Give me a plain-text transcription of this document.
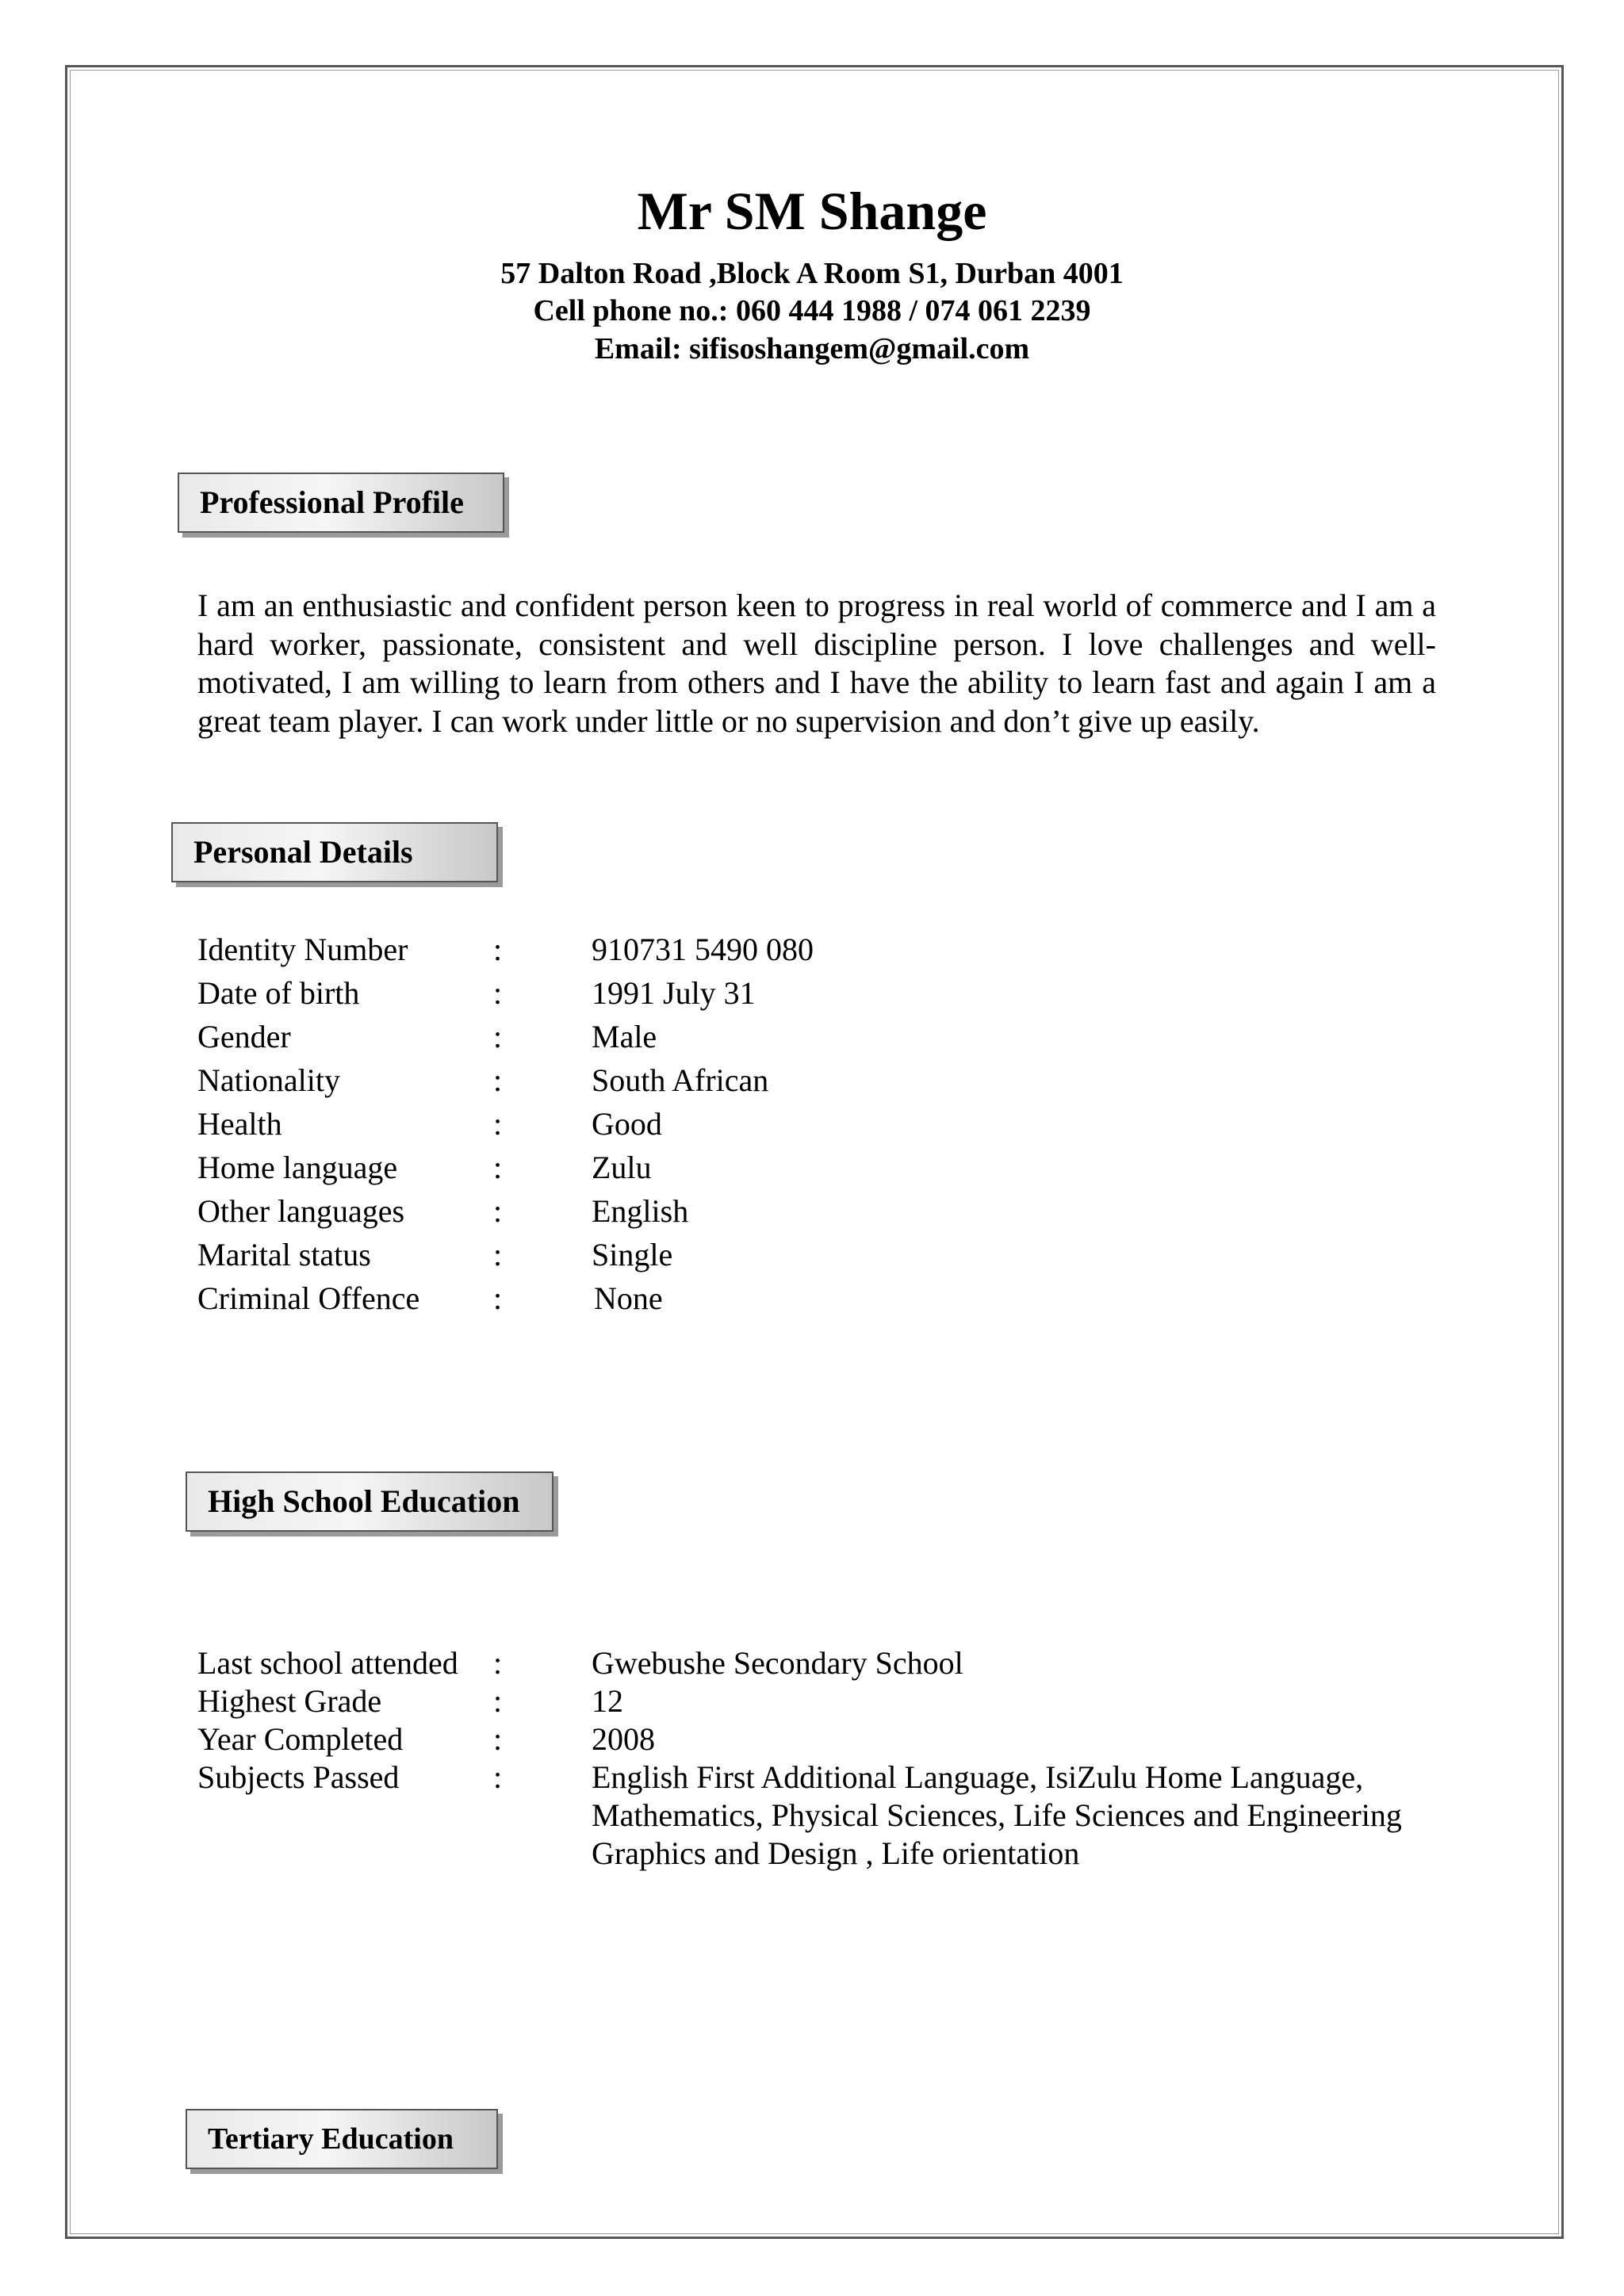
Mr SM Shange
57 Dalton Road ,Block A Room S1, Durban 4001
Cell phone no.: 060 444 1988 / 074 061 2239
Email: sifisoshangem@gmail.com
Professional Profile
I am an enthusiastic and confident person keen to progress in real world of commerce and I am a hard worker, passionate, consistent and well discipline person. I love challenges and well-motivated, I am willing to learn from others and I have the ability to learn fast and again I am a great team player. I can work under little or no supervision and don’t give up easily.
Personal Details
Identity Number	:	910731 5490 080
Date of birth	:	1991 July 31
Gender	:	Male
Nationality	:	South African
Health	:	Good
Home language	:	Zulu
Other languages	:	English
Marital status	:	Single
Criminal Offence :	None
High School Education
Last school attended :	Gwebushe Secondary School
Highest Grade	:	12
Year Completed	:	2008
Subjects Passed	:	English First Additional Language, IsiZulu Home Language, Mathematics, Physical Sciences, Life Sciences and Engineering Graphics and Design , Life orientation
Tertiary Education
